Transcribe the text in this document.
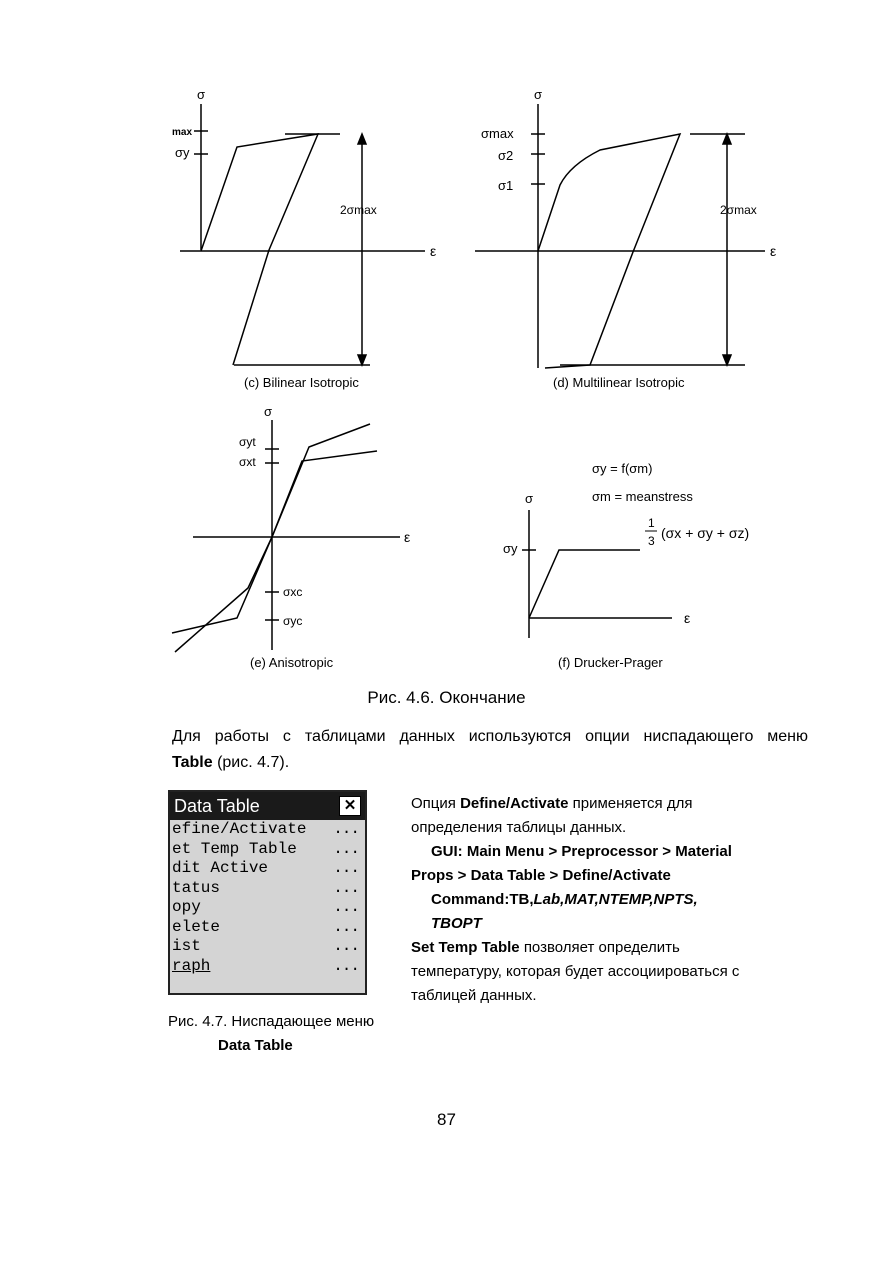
σ
max
σy
2σmax
ε
(c) Bilinear Isotropic
σ
σmax
σ2
σ1
2σmax
ε
(d) Multilinear Isotropic
σ
σyt
σxt
σxc
σyc
ε
(e) Anisotropic
σ
σy
ε
σy = f(σm)
σm = meanstress
1
3 (σx + σy + σz)
(f) Drucker-Prager
Рис. 4.6. Окончание
Для работы с таблицами данных используются опции ниспадающего меню
Table (рис. 4.7).
Data Table	✕
efine/Activate ...
et Temp Table ...
dit Active	...
tatus	...
opy	...
elete	...
ist	...
raph	...
Рис. 4.7. Ниспадающее меню
Data Table
Опция Define/Activate применяется для
определения таблицы данных.
GUI: Main Menu > Preprocessor > Material
Props > Data Table > Define/Activate
Command:TB,Lab,MAT,NTEMP,NPTS,
TBOPT
Set Temp Table позволяет определить
температуру, которая будет ассоциироваться с
таблицей данных.
87
